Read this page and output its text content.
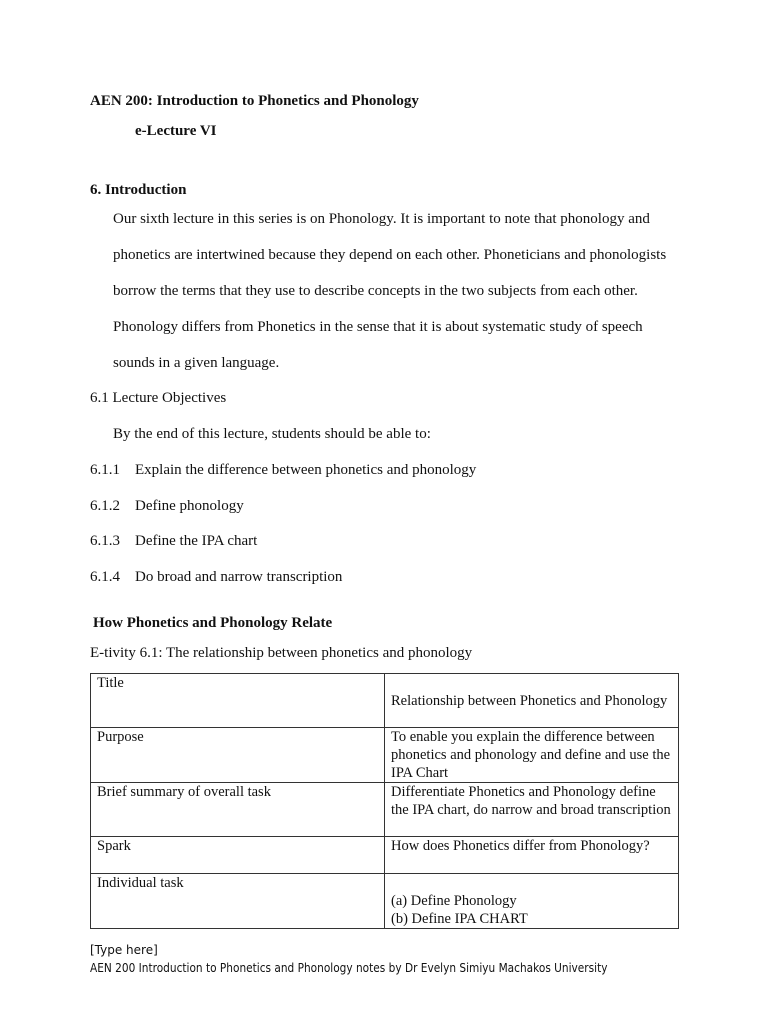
AEN 200: Introduction to Phonetics and Phonology
e-Lecture VI
6. Introduction
Our sixth lecture in this series is on Phonology. It is important to note that phonology and
phonetics are intertwined because they depend on each other. Phoneticians and phonologists
borrow the terms that they use to describe concepts in the two subjects from each other.
Phonology differs from Phonetics in the sense that it is about systematic study of speech
sounds in a given language.
6.1 Lecture Objectives
By the end of this lecture, students should be able to:
6.1.1 Explain the difference between phonetics and phonology
6.1.2 Define phonology
6.1.3 Define the IPA chart
6.1.4 Do broad and narrow transcription
How Phonetics and Phonology Relate
E-tivity 6.1: The relationship between phonetics and phonology
Title	Relationship between Phonetics and Phonology
Purpose	To enable you explain the difference between phonetics and phonology and define and use the IPA Chart
Brief summary of overall task	Differentiate Phonetics and Phonology define the IPA chart, do narrow and broad transcription
Spark	How does Phonetics differ from Phonology?
Individual task	(a) Define Phonology
(b) Define IPA CHART
[Type here]
AEN 200 Introduction to Phonetics and Phonology notes by Dr Evelyn Simiyu Machakos University
